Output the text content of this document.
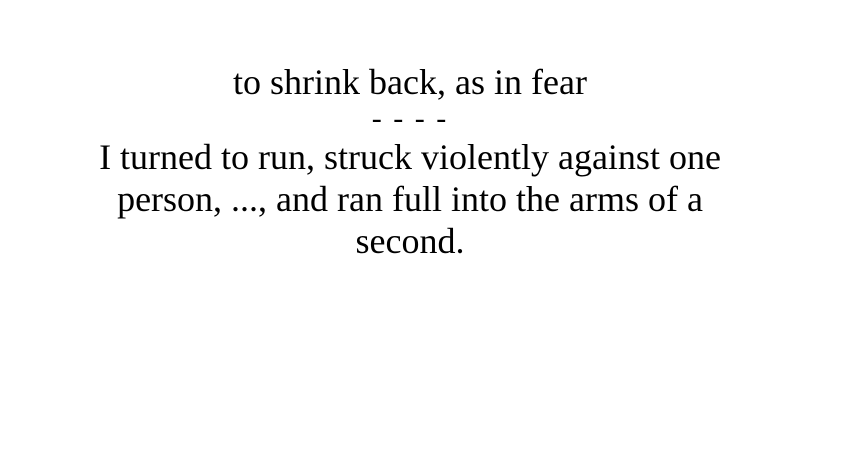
to shrink back, as in fear

- - - -

I turned to run, struck violently against one person, ..., and ran full into the arms of a second.
